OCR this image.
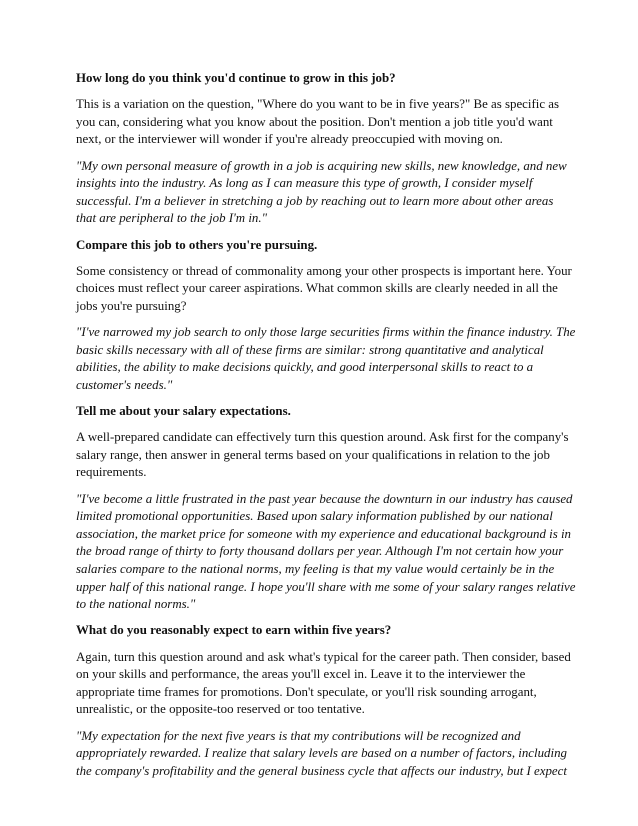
How long do you think you'd continue to grow in this job?

This is a variation on the question, "Where do you want to be in five years?" Be as specific as
you can, considering what you know about the position. Don't mention a job title you'd want
next, or the interviewer will wonder if you're already preoccupied with moving on.

"My own personal measure of growth in a job is acquiring new skills, new knowledge, and new
insights into the industry. As long as I can measure this type of growth, I consider myself
successful. I'm a believer in stretching a job by reaching out to learn more about other areas
that are peripheral to the job I'm in."

Compare this job to others you're pursuing.

Some consistency or thread of commonality among your other prospects is important here. Your
choices must reflect your career aspirations. What common skills are clearly needed in all the
jobs you're pursuing?

"I've narrowed my job search to only those large securities firms within the finance industry. The
basic skills necessary with all of these firms are similar: strong quantitative and analytical
abilities, the ability to make decisions quickly, and good interpersonal skills to react to a
customer's needs."

Tell me about your salary expectations.

A well-prepared candidate can effectively turn this question around. Ask first for the company's
salary range, then answer in general terms based on your qualifications in relation to the job
requirements.

"I've become a little frustrated in the past year because the downturn in our industry has caused
limited promotional opportunities. Based upon salary information published by our national
association, the market price for someone with my experience and educational background is in
the broad range of thirty to forty thousand dollars per year. Although I'm not certain how your
salaries compare to the national norms, my feeling is that my value would certainly be in the
upper half of this national range. I hope you'll share with me some of your salary ranges relative
to the national norms."

What do you reasonably expect to earn within five years?

Again, turn this question around and ask what's typical for the career path. Then consider, based
on your skills and performance, the areas you'll excel in. Leave it to the interviewer the
appropriate time frames for promotions. Don't speculate, or you'll risk sounding arrogant,
unrealistic, or the opposite-too reserved or too tentative.

"My expectation for the next five years is that my contributions will be recognized and
appropriately rewarded. I realize that salary levels are based on a number of factors, including
the company's profitability and the general business cycle that affects our industry, but I expect
